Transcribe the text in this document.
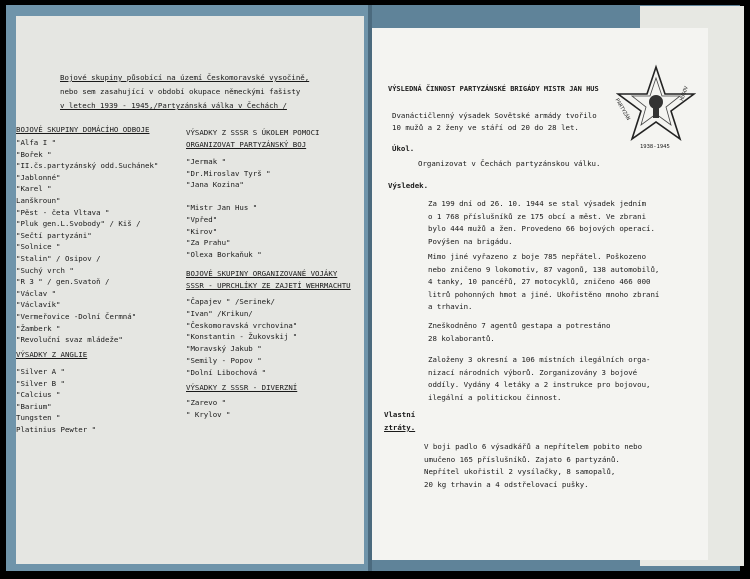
Bojové skupiny působící na území Českomoravské vysočině,
nebo sem zasahující v období okupace německými fašisty
v letech 1939 - 1945,/Partyzánská válka v Čechách /
BOJOVÉ SKUPINY DOMÁCÍHO ODBOJE
"Alfa I "
"Bořek "
"II.čs.partyzánský odd.Suchánek"
"Jablonné"
"Karel "
Lanškroun"
"Pěst - četa Vltava "
"Pluk gen.L.Svobody" / Kiš /
"Sečtí partyzáni"
"Solnice "
"Stalin" / Osipov /
"Suchý vrch "
"R 3 " / gen.Svatoň /
"Václav "
"Václavík"
"Vermeřovice -Dolní Čermná"
"Žamberk "
"Revoluční svaz mládeže"
VÝSADKY Z ANGLIE
"Silver A "
"Silver B "
"Calcius "
"Barium"
Tungsten "
Platinius Pewter "
VÝSADKY Z SSSR S ÚKOLEM POMOCI
ORGANIZOVAT PARTYZÁNSKÝ BOJ
"Jermak "
"Dr.Miroslav Tyrš "
"Jana Kozina"
"Mistr Jan Hus "
"Vpřed"
"Kirov"
"Za Prahu"
"Olexa Borkaňuk "
BOJOVÉ SKUPINY ORGANIZOVANÉ VOJÁKY
SSSR - UPRCHLÍKY ZE ZAJETÍ WEHRMACHTU
"Čapajev " /Serinek/
"Ivan" /Krikun/
"Českomoravská vrchovina"
"Konstantin - Žukovskij "
"Moravský Jakub "
"Semily - Popov "
"Dolní Libochová "
VÝSADKY Z SSSR - DIVERZNÍ
"Zarevo "
" Krylov "
VÝSLEDNÁ ČINNOST PARTYZÁNSKÉ BRIGÁDY MISTR JAN HUS
Dvanáctičlenný výsadek Sovětské armády tvořilo
10 mužů a 2 ženy ve stáří od 20 do 28 let.
Úkol.
Organizovat v Čechách partyzánskou válku.
Výsledek.
Za 199 dní od 26. 10. 1944 se stal výsadek jedním
o 1 768 příslušníků ze 175 obcí a měst. Ve zbrani
bylo 444 mužů a žen. Provedeno 66 bojových operací.
Povýšen na brigádu.
Mimo jiné vyřazeno z boje 785 nepřátel. Poškozeno
nebo zničeno 9 lokomotiv, 87 vagonů, 138 automobilů,
4 tanky, 10 pancéřů, 27 motocyklů, zničeno 466 000
litrů pohonných hmot a jiné. Ukořistěno mnoho zbraní
a trhavin.
Zneškodněno 7 agentů gestapa a potrestáno
28 kolaborantů.
Založeny 3 okresní a 106 místních ilegálních orga-
nizací národních výborů. Zorganizovány 3 bojové
oddíly. Vydány 4 letáky a 2 instrukce pro bojovou,
ilegální a politickou činnost.
Vlastní
ztráty.
V boji padlo 6 výsadkářů a nepřítelem pobito nebo
umučeno 165 příslušníků. Zajato 6 partyzánů.
Nepřítel ukořistil 2 vysílačky, 8 samopalů,
20 kg trhavin a 4 odstřelovací pušky.
PARTYZÁN
HUSOV
1938-1945
